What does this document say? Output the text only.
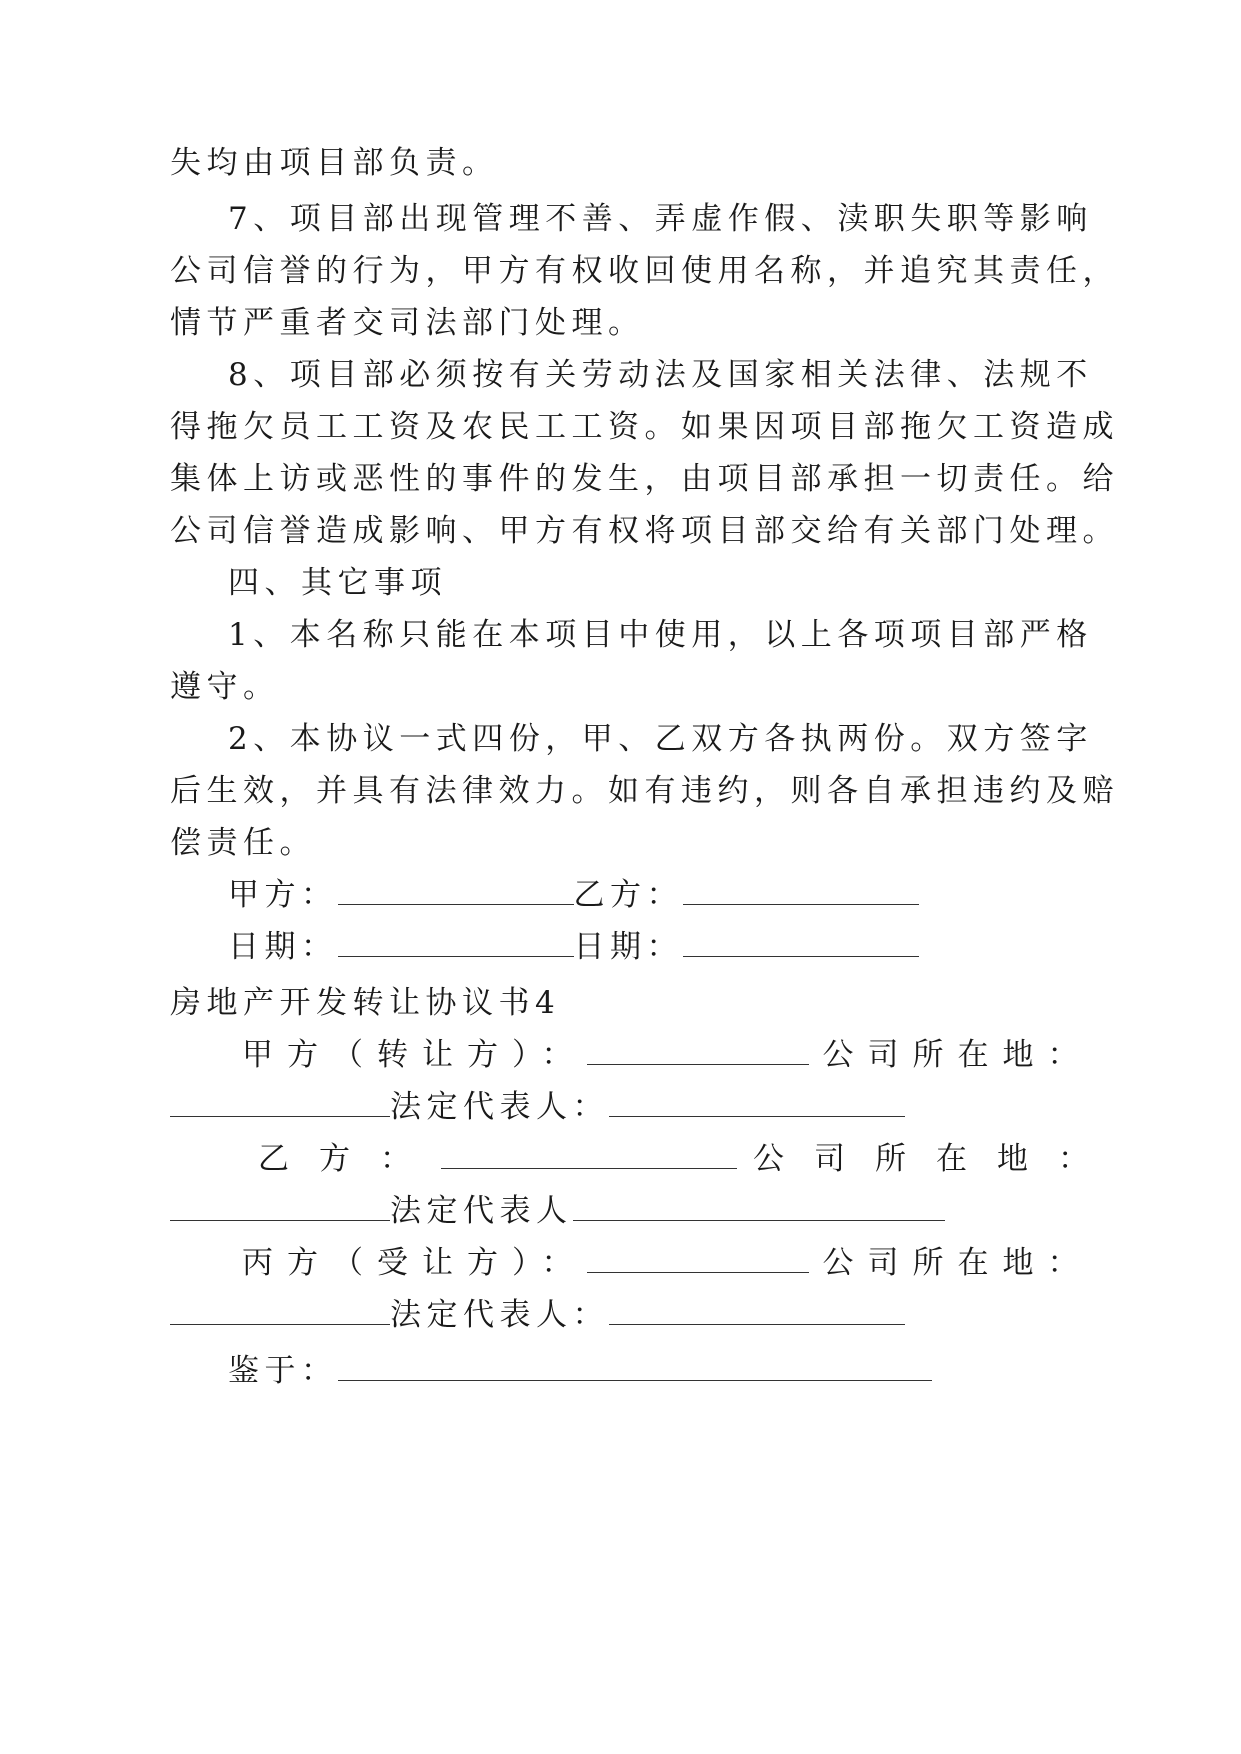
失均由项目部负责。
7、项目部出现管理不善、弄虚作假、渎职失职等影响
公司信誉的行为，甲方有权收回使用名称，并追究其责任，
情节严重者交司法部门处理。
8、项目部必须按有关劳动法及国家相关法律、法规不
得拖欠员工工资及农民工工资。如果因项目部拖欠工资造成
集体上访或恶性的事件的发生，由项目部承担一切责任。给
公司信誉造成影响、甲方有权将项目部交给有关部门处理。
四、其它事项
1、本名称只能在本项目中使用，以上各项项目部严格
遵守。
2、本协议一式四份，甲、乙双方各执两份。双方签字
后生效，并具有法律效力。如有违约，则各自承担违约及赔
偿责任。
甲方：	乙方：
日期：	日期：
房地产开发转让协议书4
甲方（转让方）：	公司所在地：
法定代表人：
乙方：	公司所在地：
法定代表人
丙方（受让方）：	公司所在地：
法定代表人：
鉴于：
